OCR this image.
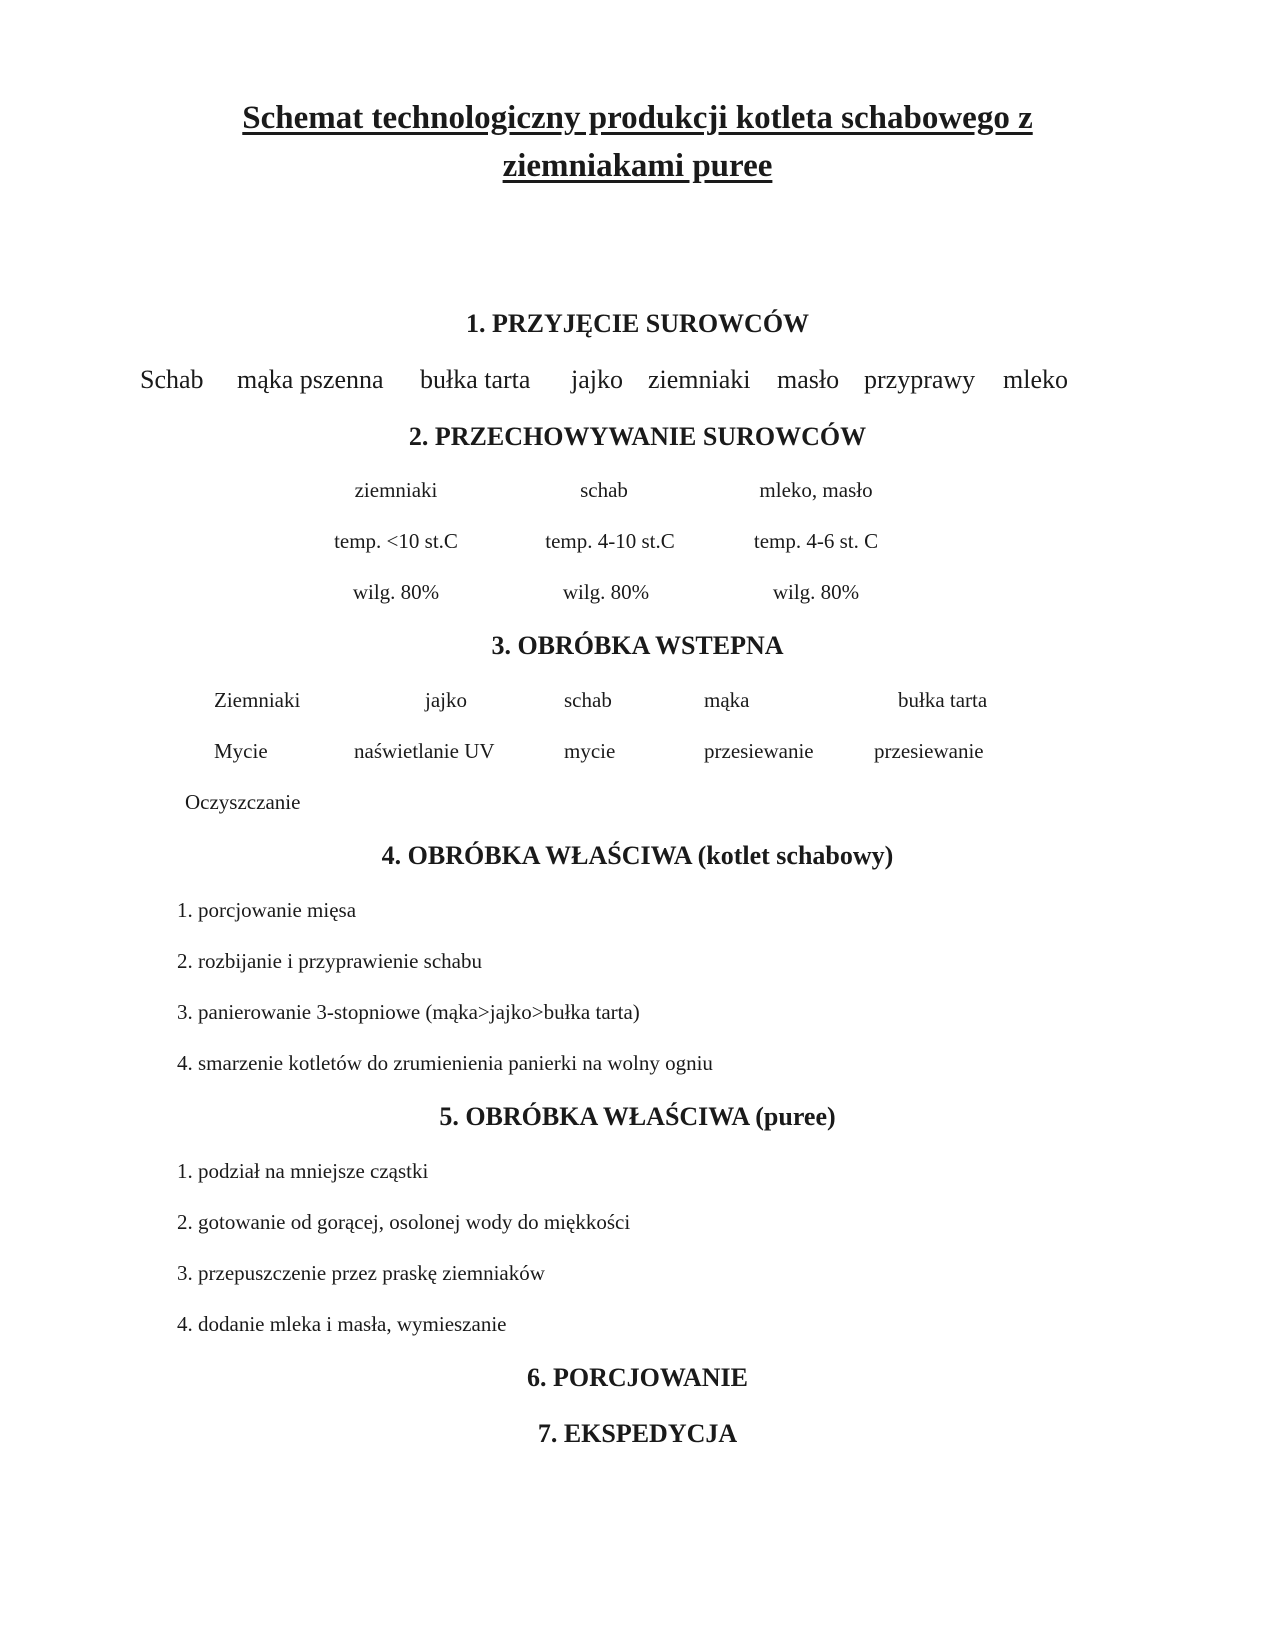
Schemat technologiczny produkcji kotleta schabowego z
ziemniakami puree
1. PRZYJĘCIE SUROWCÓW
Schab mąka pszenna bułka tarta jajko ziemniaki masło przyprawy mleko
2. PRZECHOWYWANIE SUROWCÓW
ziemniaki	schab	mleko, masło
temp. <10 st.C	temp. 4-10 st.C	temp. 4-6 st. C
wilg. 80%	wilg. 80%	wilg. 80%
3. OBRÓBKA WSTEPNA
Ziemniaki	jajko	schab	mąka	bułka tarta
Mycie	naświetlanie UV	mycie	przesiewanie	przesiewanie
Oczyszczanie
4. OBRÓBKA WŁAŚCIWA (kotlet schabowy)
1. porcjowanie mięsa
2. rozbijanie i przyprawienie schabu
3. panierowanie 3-stopniowe (mąka>jajko>bułka tarta)
4. smarzenie kotletów do zrumienienia panierki na wolny ogniu
5. OBRÓBKA WŁAŚCIWA (puree)
1. podział na mniejsze cząstki
2. gotowanie od gorącej, osolonej wody do miękkości
3. przepuszczenie przez praskę ziemniaków
4. dodanie mleka i masła, wymieszanie
6. PORCJOWANIE
7. EKSPEDYCJA
